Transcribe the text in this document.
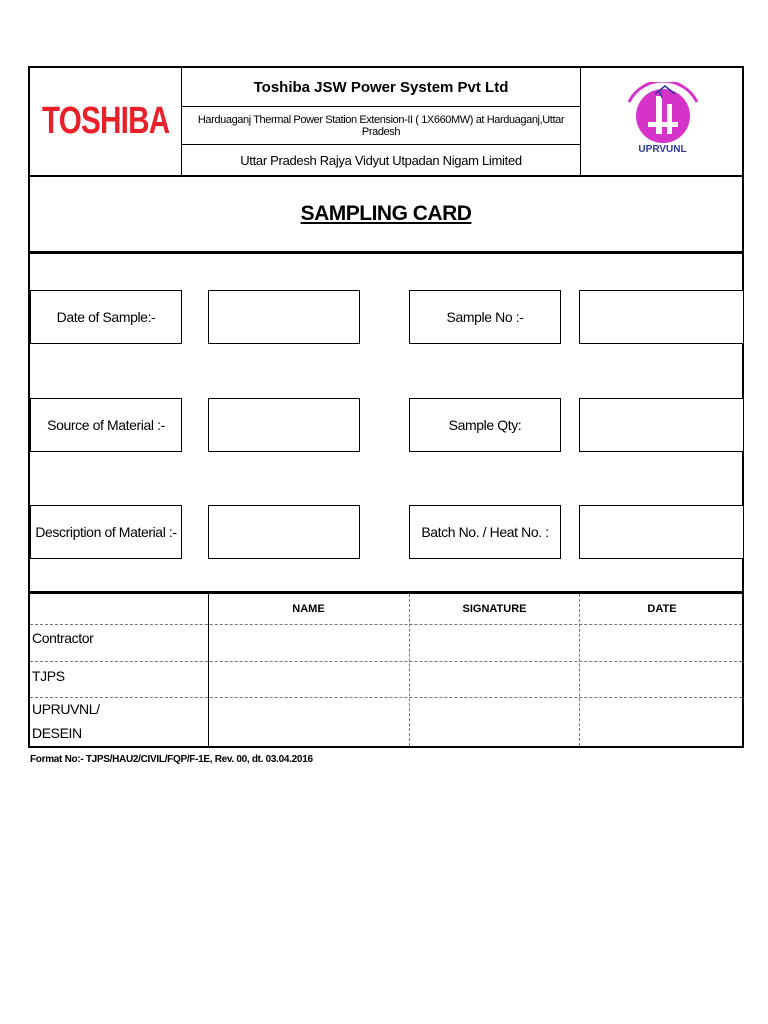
TOSHIBA
Toshiba JSW Power System Pvt Ltd
Harduaganj Thermal Power Station Extension-II ( 1X660MW) at Harduaganj,Uttar Pradesh
Uttar Pradesh Rajya Vidyut Utpadan Nigam Limited
UPRVUNL
SAMPLING CARD
Date of Sample:-	Sample No :-
Source of Material :-	Sample Qty:
Description of Material :-	Batch No. / Heat No. :
NAME	SIGNATURE	DATE
Contractor
TJPS
UPRUVNL/
DESEIN
Format No:- TJPS/HAU2/CIVIL/FQP/F-1E, Rev. 00, dt. 03.04.2016
